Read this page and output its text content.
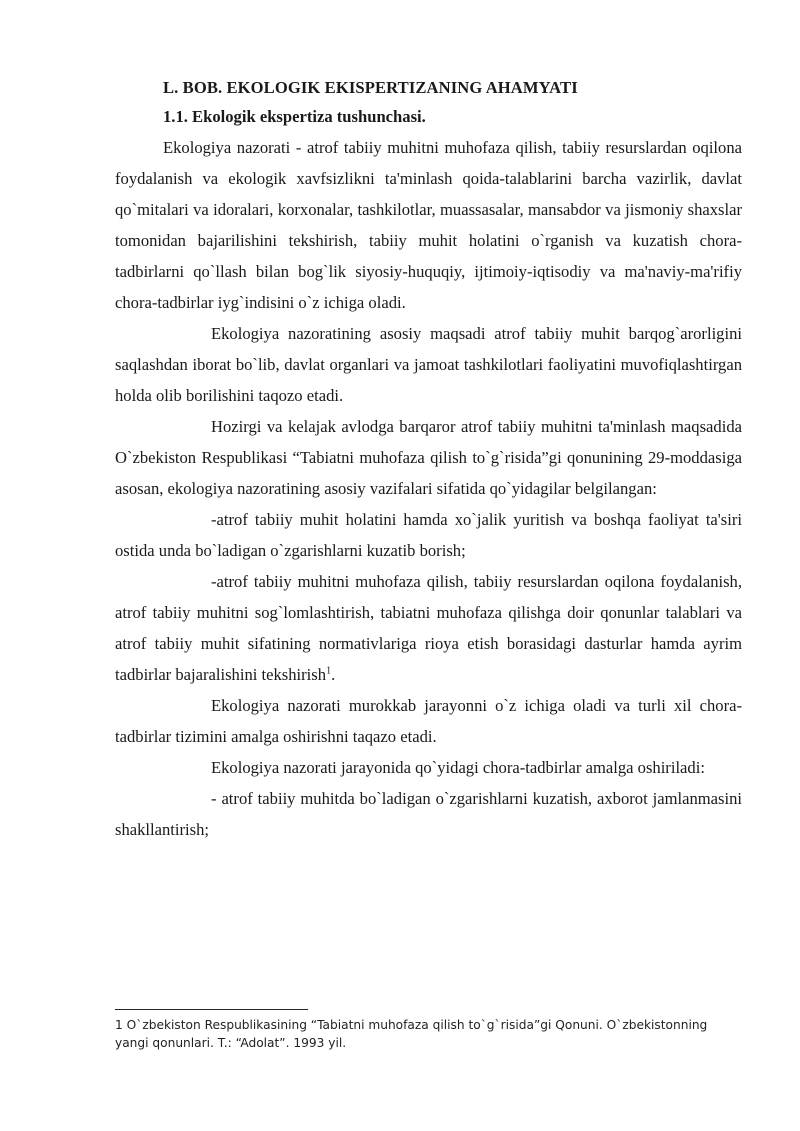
L. BOB. EKOLOGIK EKISPERTIZANING AHAMYATI
1.1. Ekologik ekspertiza tushunchasi.

Ekologiya nazorati - atrof tabiiy muhitni muhofaza qilish, tabiiy resurslardan oqilona foydalanish va ekologik xavfsizlikni ta'minlash qoida-talablarini barcha vazirlik, davlat qo`mitalari va idoralari, korxonalar, tashkilotlar, muassasalar, mansabdor va jismoniy shaxslar tomonidan bajarilishini tekshirish, tabiiy muhit holatini o`rganish va kuzatish chora-tadbirlarni qo`llash bilan bog`lik siyosiy-huquqiy, ijtimoiy-iqtisodiy va ma'naviy-ma'rifiy chora-tadbirlar iyg`indisini o`z ichiga oladi.

Ekologiya nazoratining asosiy maqsadi atrof tabiiy muhit barqog`arorligini saqlashdan iborat bo`lib, davlat organlari va jamoat tashkilotlari faoliyatini muvofiqlashtirgan holda olib borilishini taqozo etadi.

Hozirgi va kelajak avlodga barqaror atrof tabiiy muhitni ta'minlash maqsadida O`zbekiston Respublikasi “Tabiatni muhofaza qilish to`g`risida”gi qonunining 29-moddasiga asosan, ekologiya nazoratining asosiy vazifalari sifatida qo`yidagilar belgilangan:

-atrof tabiiy muhit holatini hamda xo`jalik yuritish va boshqa faoliyat ta'siri ostida unda bo`ladigan o`zgarishlarni kuzatib borish;

-atrof tabiiy muhitni muhofaza qilish, tabiiy resurslardan oqilona foydalanish, atrof tabiiy muhitni sog`lomlashtirish, tabiatni muhofaza qilishga doir qonunlar talablari va atrof tabiiy muhit sifatining normativlariga rioya etish borasidagi dasturlar hamda ayrim tadbirlar bajaralishini tekshirish$^1$.

Ekologiya nazorati murokkab jarayonni o`z ichiga oladi va turli xil chora-tadbirlar tizimini amalga oshirishni taqazo etadi.

Ekologiya nazorati jarayonida qo`yidagi chora-tadbirlar amalga oshiriladi:

- atrof tabiiy muhitda bo`ladigan o`zgarishlarni kuzatish, axborot jamlanmasini shakllantirish;

1 O`zbekiston Respublikasining “Tabiatni muhofaza qilish to`g`risida”gi Qonuni. O`zbekistonning yangi qonunlari. T.: “Adolat”. 1993 yil.
